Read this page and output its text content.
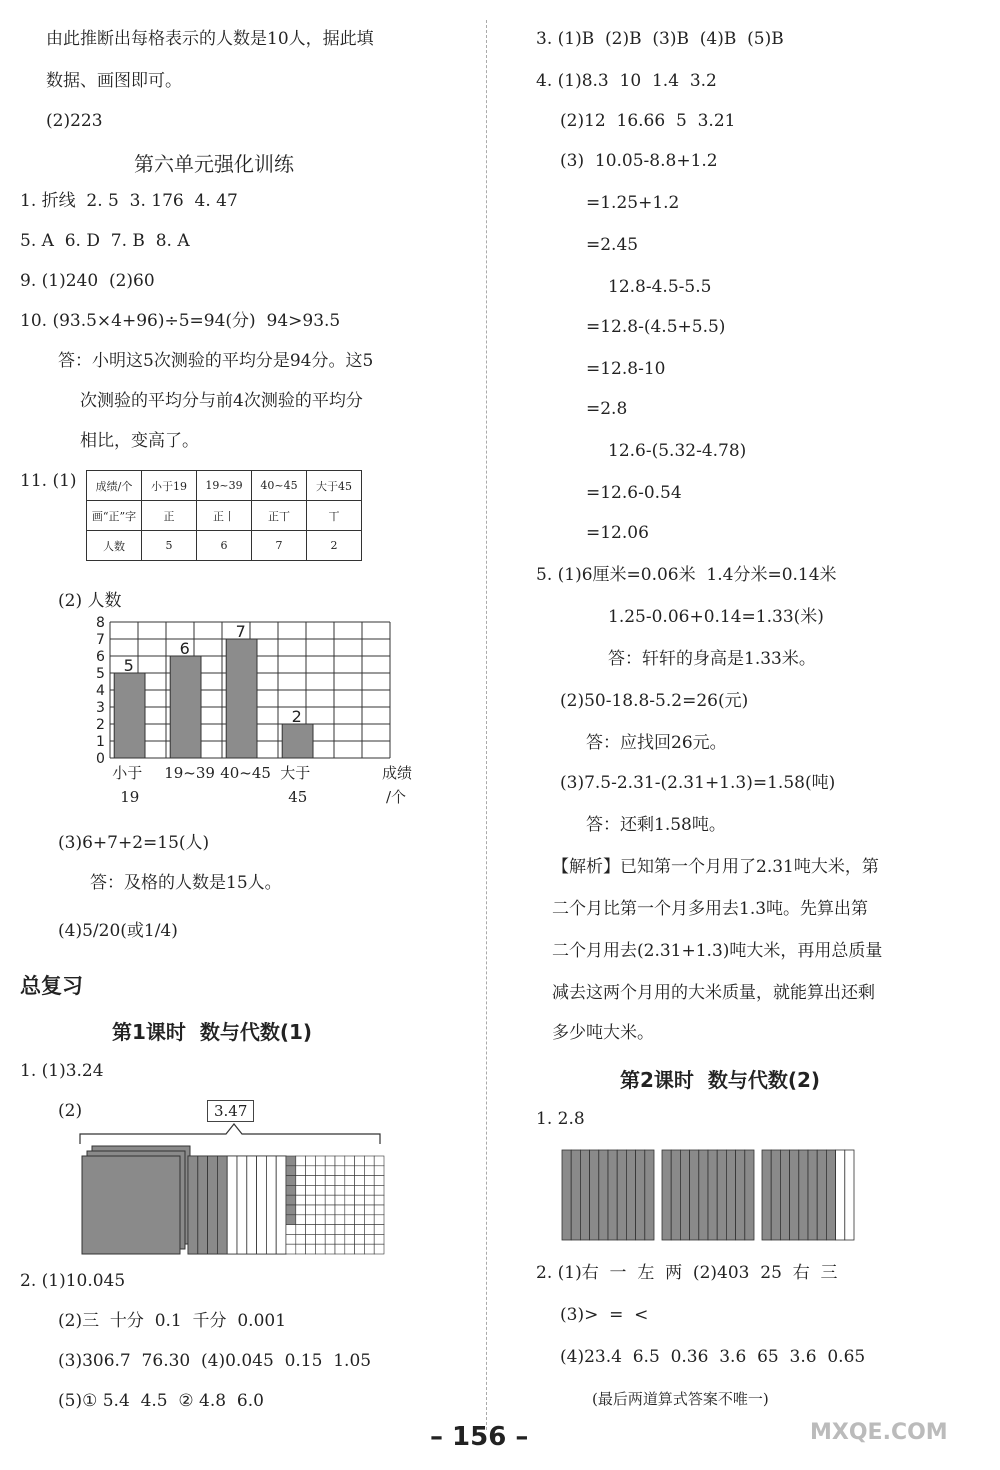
由此推断出每格表示的人数是10人，据此填
数据、画图即可。
(2)223
第六单元强化训练
1. 折线  2. 5  3. 176  4. 47
5. A  6. D  7. B  8. A
9. (1)240  (2)60
10. (93.5×4+96)÷5=94(分)  94>93.5
答：小明这5次测验的平均分是94分。这5
次测验的平均分与前4次测验的平均分
相比，变高了。
11. (1) 成绩/个	小于19	19~39	40~45	大于45
画“正”字	正	正丨	正丅	丅
人数	5	6	7	2
(2) 人数
0
1
2
3
4
5
6
7
8
5
小于
19
6
19~39
7
40~45
2
大于
45
成绩
/个
(3)6+7+2=15(人)
答：及格的人数是15人。
(4)5/20(或1/4)
总复习
第1课时  数与代数(1)
1. (1)3.24
(2)	3.47
2. (1)10.045
(2)三  十分  0.1  千分  0.001
(3)306.7  76.30  (4)0.045  0.15  1.05
(5)① 5.4  4.5  ② 4.8  6.0
3. (1)B  (2)B  (3)B  (4)B  (5)B
4. (1)8.3  10  1.4  3.2
(2)12  16.66  5  3.21
(3)  10.05-8.8+1.2
=1.25+1.2
=2.45
12.8-4.5-5.5
=12.8-(4.5+5.5)
=12.8-10
=2.8
12.6-(5.32-4.78)
=12.6-0.54
=12.06
5. (1)6厘米=0.06米  1.4分米=0.14米
1.25-0.06+0.14=1.33(米)
答：轩轩的身高是1.33米。
(2)50-18.8-5.2=26(元)
答：应找回26元。
(3)7.5-2.31-(2.31+1.3)=1.58(吨)
答：还剩1.58吨。
【解析】已知第一个月用了2.31吨大米，第
二个月比第一个月多用去1.3吨。先算出第
二个月用去(2.31+1.3)吨大米，再用总质量
减去这两个月用的大米质量，就能算出还剩
多少吨大米。
第2课时  数与代数(2)
1. 2.8
2. (1)右  一  左  两  (2)403  25  右  三
(3)>  =  <
(4)23.4  6.5  0.36  3.6  65  3.6  0.65
(最后两道算式答案不唯一)
– 156 –	MXQE.COM
